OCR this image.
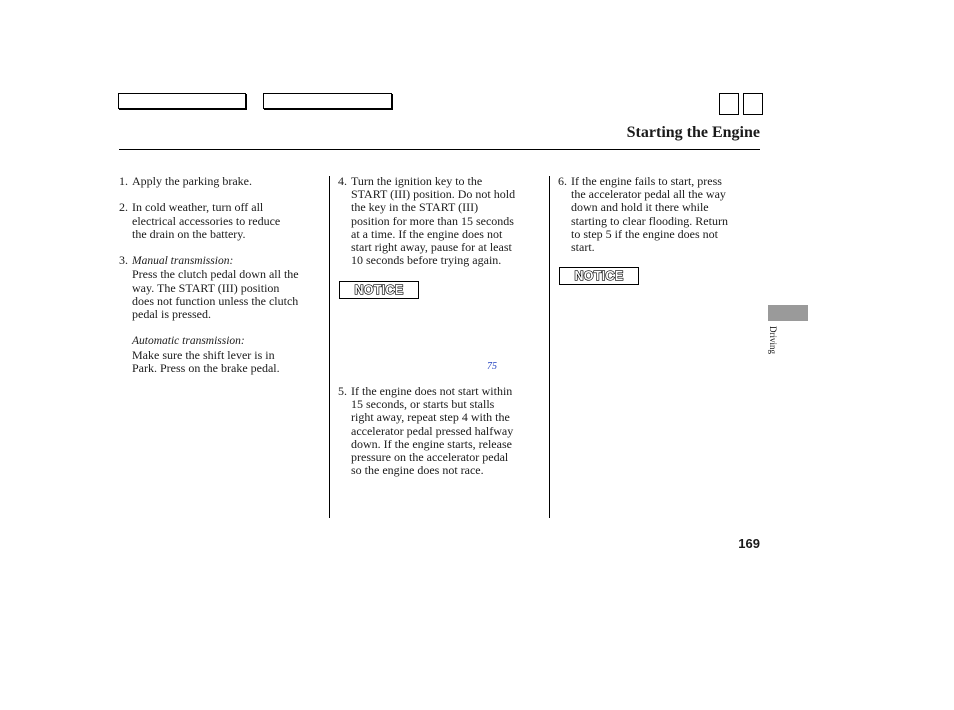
Starting the Engine
1. Apply the parking brake.
2. In cold weather, turn off all
electrical accessories to reduce
the drain on the battery.
3. Manual transmission:
Press the clutch pedal down all the
way. The START (III) position
does not function unless the clutch
pedal is pressed.
Automatic transmission:
Make sure the shift lever is in
Park. Press on the brake pedal.
4. Turn the ignition key to the
START (III) position. Do not hold
the key in the START (III)
position for more than 15 seconds
at a time. If the engine does not
start right away, pause for at least
10 seconds before trying again.
NOTICE
75
5. If the engine does not start within
15 seconds, or starts but stalls
right away, repeat step 4 with the
accelerator pedal pressed halfway
down. If the engine starts, release
pressure on the accelerator pedal
so the engine does not race.
6. If the engine fails to start, press
the accelerator pedal all the way
down and hold it there while
starting to clear flooding. Return
to step 5 if the engine does not
start.
NOTICE
Driving
169
